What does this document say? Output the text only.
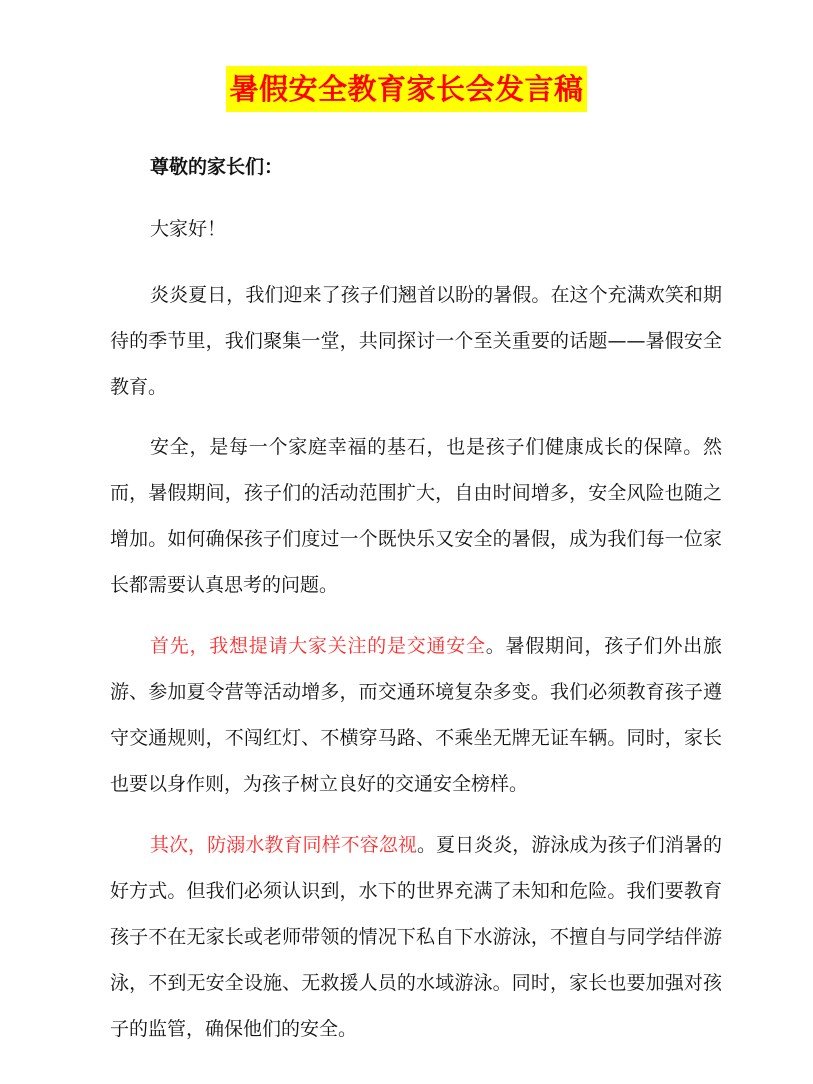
暑假安全教育家长会发言稿
尊敬的家长们：
大家好！

炎炎夏日，我们迎来了孩子们翘首以盼的暑假。在这个充满欢笑和期待的季节里，我们聚集一堂，共同探讨一个至关重要的话题——暑假安全教育。

安全，是每一个家庭幸福的基石，也是孩子们健康成长的保障。然而，暑假期间，孩子们的活动范围扩大，自由时间增多，安全风险也随之增加。如何确保孩子们度过一个既快乐又安全的暑假，成为我们每一位家长都需要认真思考的问题。

首先，我想提请大家关注的是交通安全。暑假期间，孩子们外出旅游、参加夏令营等活动增多，而交通环境复杂多变。我们必须教育孩子遵守交通规则，不闯红灯、不横穿马路、不乘坐无牌无证车辆。同时，家长也要以身作则，为孩子树立良好的交通安全榜样。

其次，防溺水教育同样不容忽视。夏日炎炎，游泳成为孩子们消暑的好方式。但我们必须认识到，水下的世界充满了未知和危险。我们要教育孩子不在无家长或老师带领的情况下私自下水游泳，不擅自与同学结伴游泳，不到无安全设施、无救援人员的水域游泳。同时，家长也要加强对孩子的监管，确保他们的安全。
